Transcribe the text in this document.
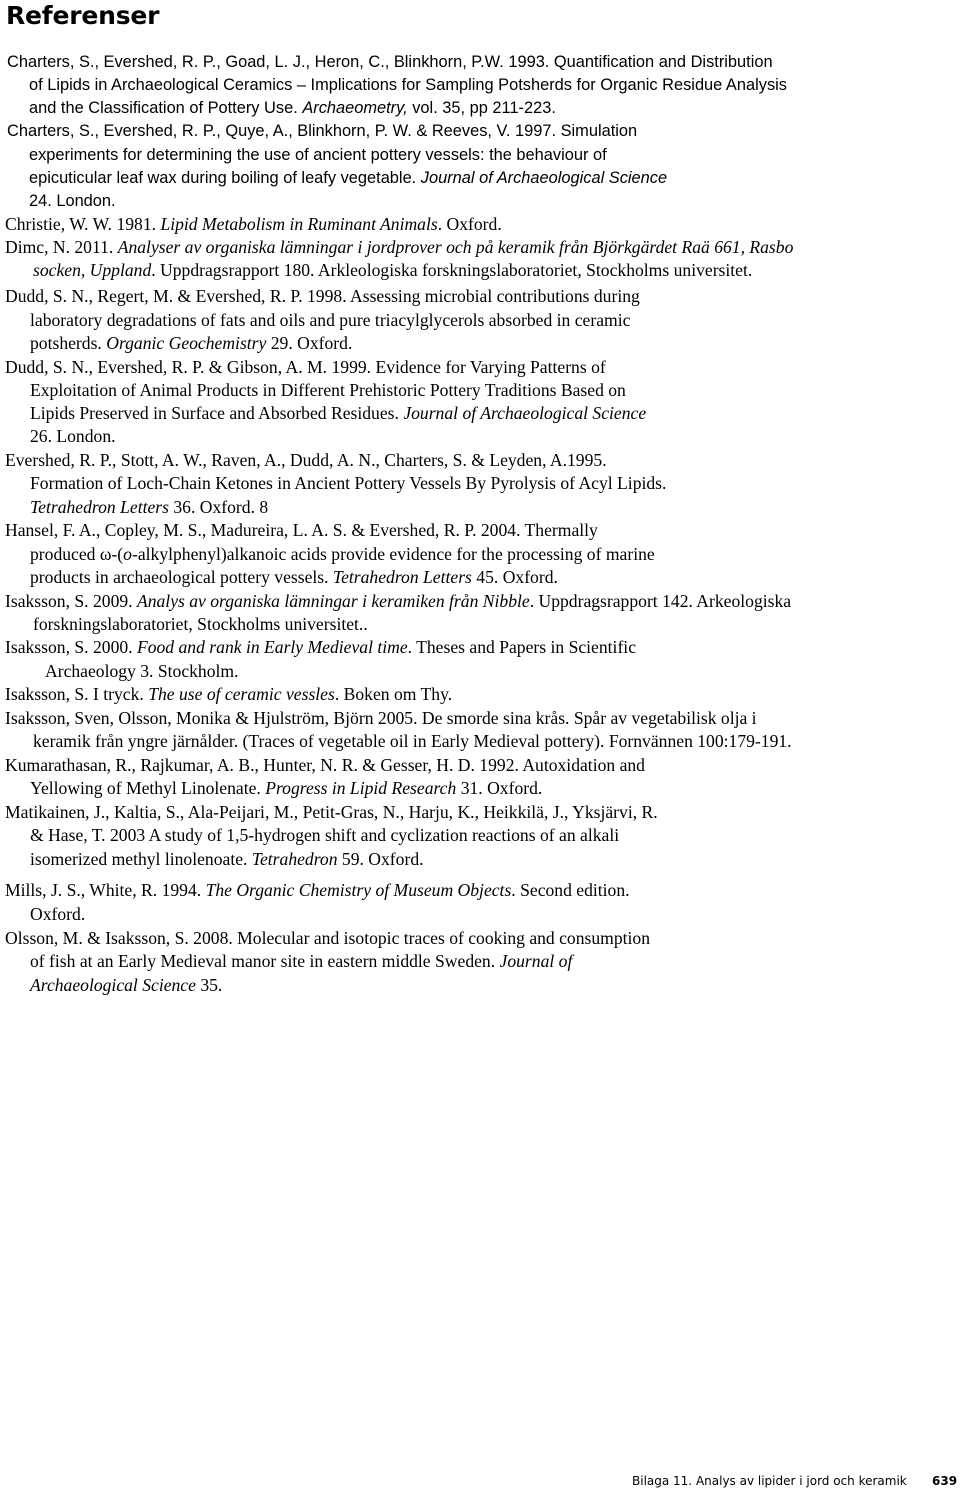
Referenser
Charters, S., Evershed, R. P., Goad, L. J., Heron, C., Blinkhorn, P.W. 1993. Quantification and Distribution
of Lipids in Archaeological Ceramics – Implications for Sampling Potsherds for Organic Residue Analysis
and the Classification of Pottery Use. Archaeometry, vol. 35, pp 211-223.
Charters, S., Evershed, R. P., Quye, A., Blinkhorn, P. W. & Reeves, V. 1997. Simulation
experiments for determining the use of ancient pottery vessels: the behaviour of
epicuticular leaf wax during boiling of leafy vegetable. Journal of Archaeological Science
24. London.
Christie, W. W. 1981. Lipid Metabolism in Ruminant Animals. Oxford.
Dimc, N. 2011. Analyser av organiska lämningar i jordprover och på keramik från Björkgärdet Raä 661, Rasbo
socken, Uppland. Uppdragsrapport 180. Arkleologiska forskningslaboratoriet, Stockholms universitet.
Dudd, S. N., Regert, M. & Evershed, R. P. 1998. Assessing microbial contributions during
laboratory degradations of fats and oils and pure triacylglycerols absorbed in ceramic
potsherds. Organic Geochemistry 29. Oxford.
Dudd, S. N., Evershed, R. P. & Gibson, A. M. 1999. Evidence for Varying Patterns of
Exploitation of Animal Products in Different Prehistoric Pottery Traditions Based on
Lipids Preserved in Surface and Absorbed Residues. Journal of Archaeological Science
26. London.
Evershed, R. P., Stott, A. W., Raven, A., Dudd, A. N., Charters, S. & Leyden, A.1995.
Formation of Loch-Chain Ketones in Ancient Pottery Vessels By Pyrolysis of Acyl Lipids.
Tetrahedron Letters 36. Oxford. 8
Hansel, F. A., Copley, M. S., Madureira, L. A. S. & Evershed, R. P. 2004. Thermally
produced ω-(o-alkylphenyl)alkanoic acids provide evidence for the processing of marine
products in archaeological pottery vessels. Tetrahedron Letters 45. Oxford.
Isaksson, S. 2009. Analys av organiska lämningar i keramiken från Nibble. Uppdragsrapport 142. Arkeologiska
forskningslaboratoriet, Stockholms universitet..
Isaksson, S. 2000. Food and rank in Early Medieval time. Theses and Papers in Scientific
Archaeology 3. Stockholm.
Isaksson, S. I tryck. The use of ceramic vessles. Boken om Thy.
Isaksson, Sven, Olsson, Monika & Hjulström, Björn 2005. De smorde sina krås. Spår av vegetabilisk olja i
keramik från yngre järnålder. (Traces of vegetable oil in Early Medieval pottery). Fornvännen 100:179-191.
Kumarathasan, R., Rajkumar, A. B., Hunter, N. R. & Gesser, H. D. 1992. Autoxidation and
Yellowing of Methyl Linolenate. Progress in Lipid Research 31. Oxford.
Matikainen, J., Kaltia, S., Ala-Peijari, M., Petit-Gras, N., Harju, K., Heikkilä, J., Yksjärvi, R.
& Hase, T. 2003 A study of 1,5-hydrogen shift and cyclization reactions of an alkali
isomerized methyl linolenoate. Tetrahedron 59. Oxford.
Mills, J. S., White, R. 1994. The Organic Chemistry of Museum Objects. Second edition.
Oxford.
Olsson, M. & Isaksson, S. 2008. Molecular and isotopic traces of cooking and consumption
of fish at an Early Medieval manor site in eastern middle Sweden. Journal of
Archaeological Science 35.
Bilaga 11. Analys av lipider i jord och keramik 639
